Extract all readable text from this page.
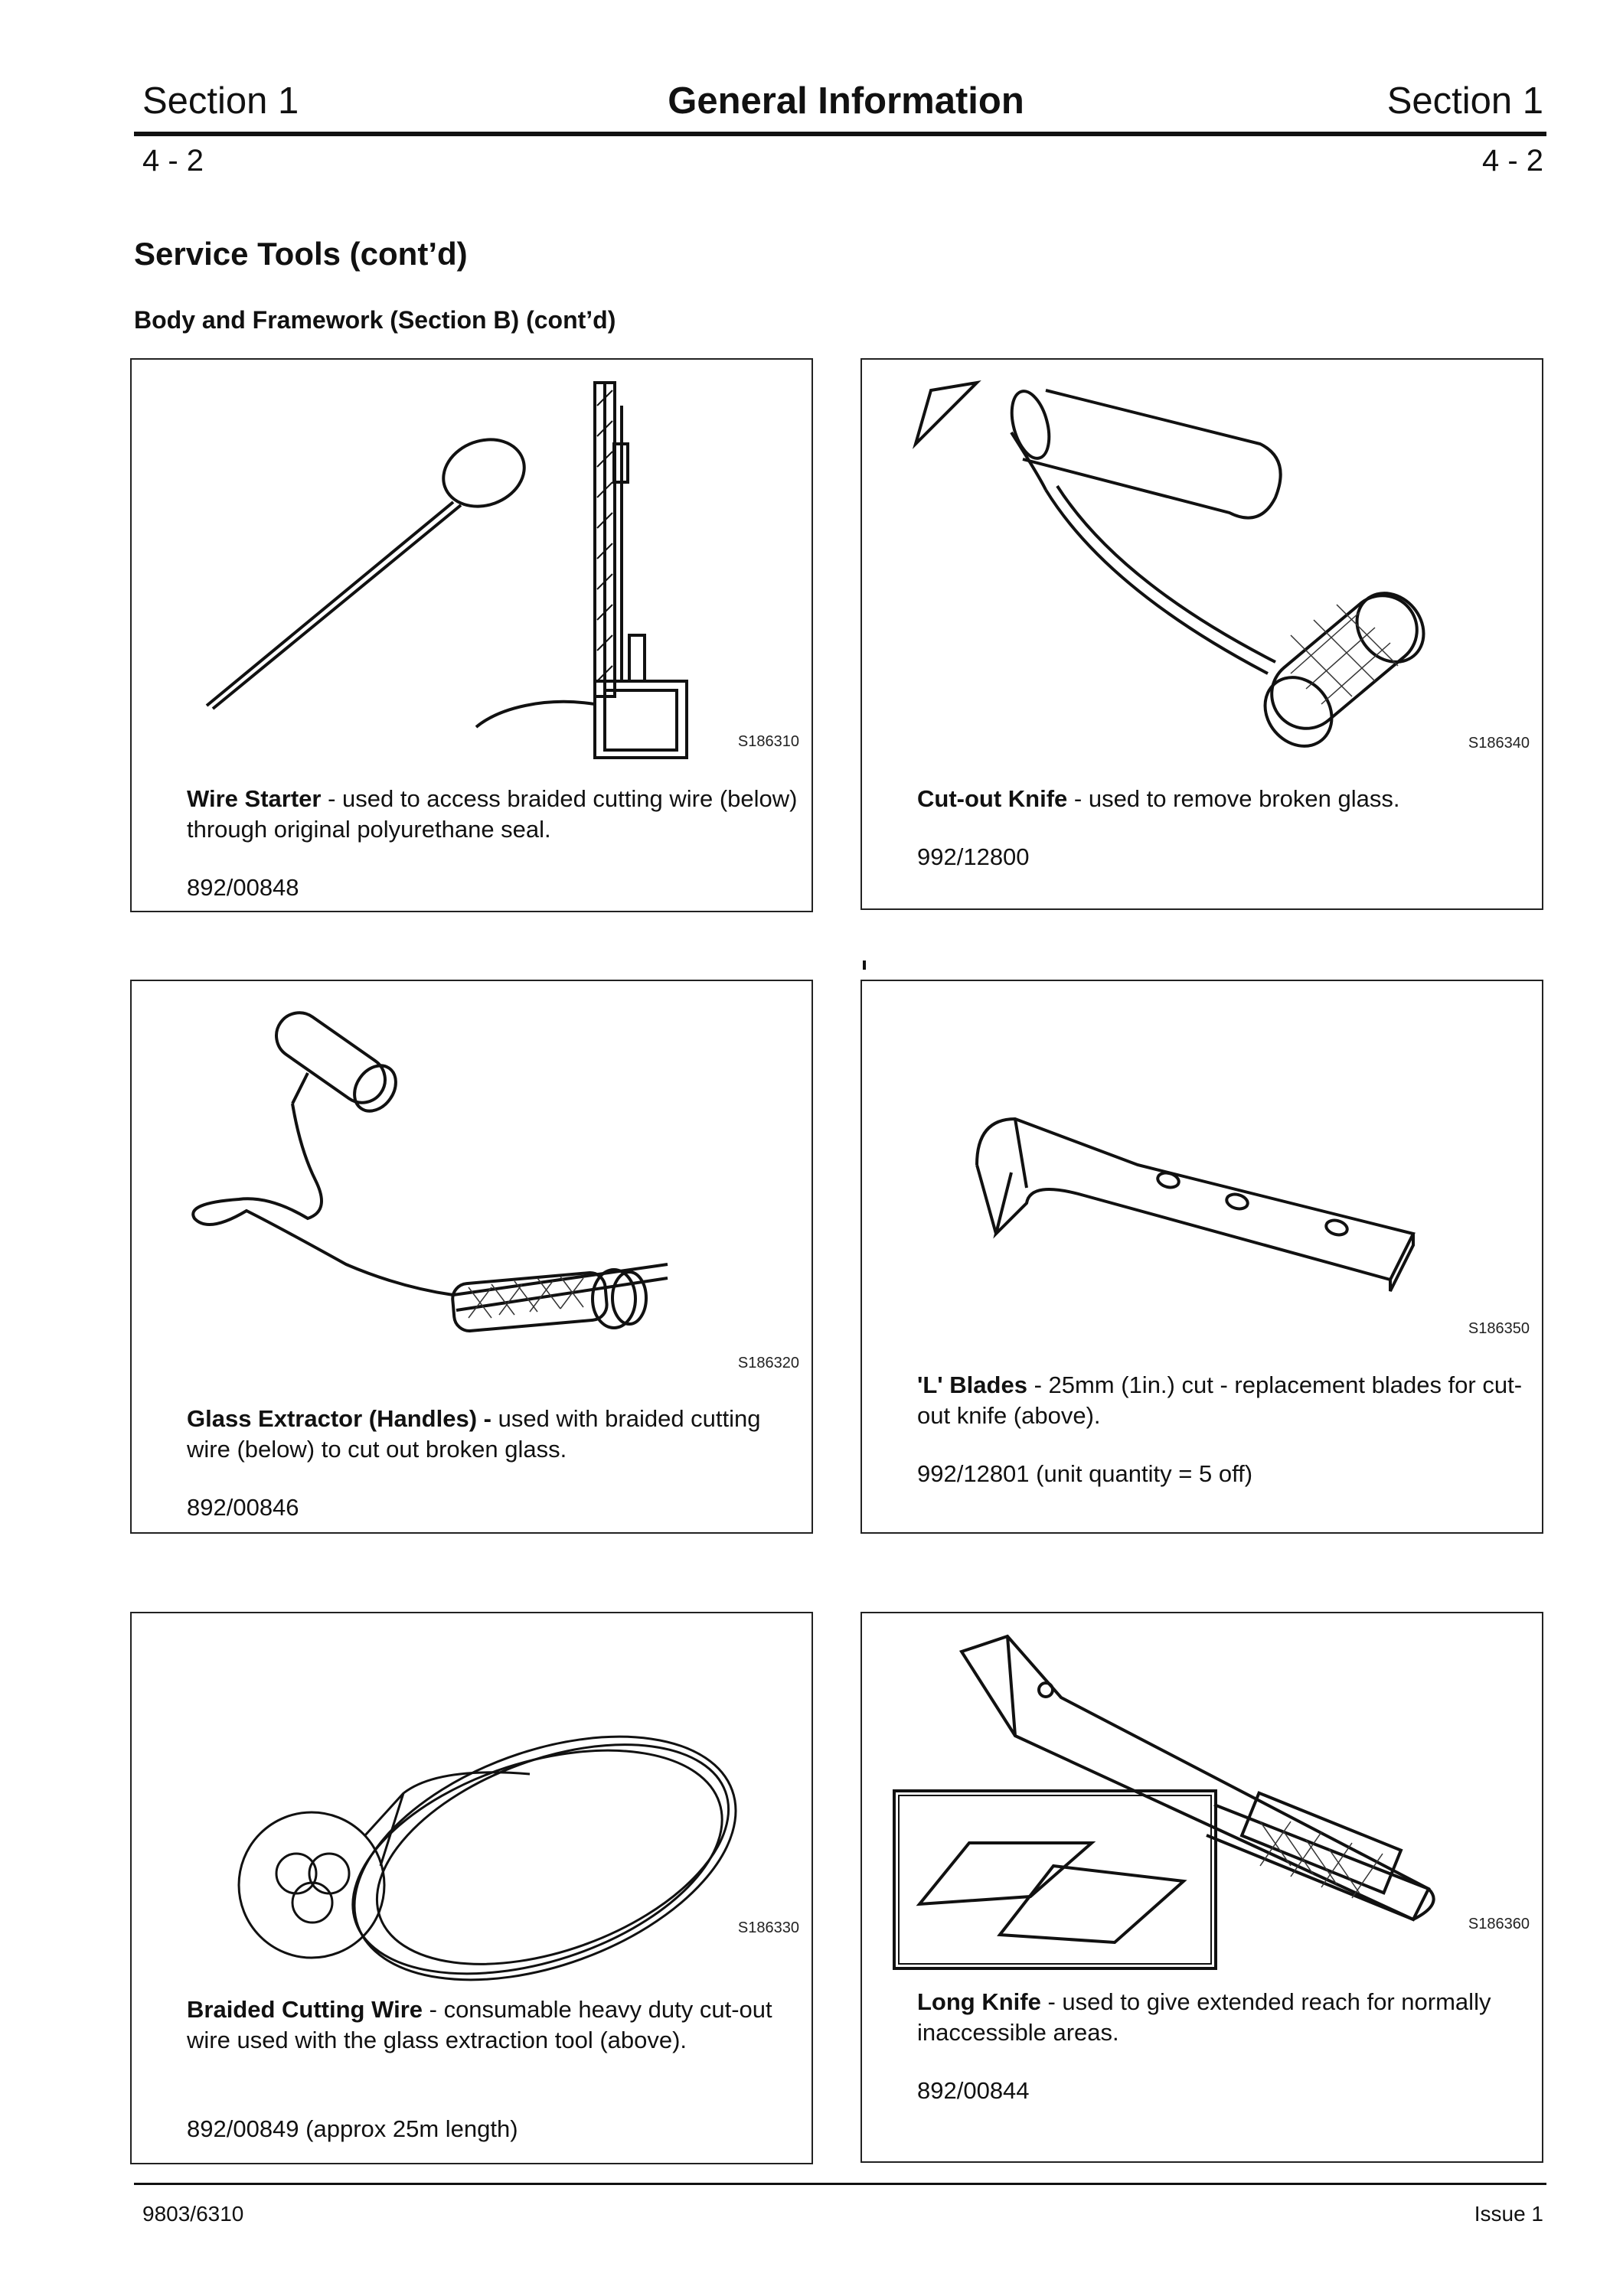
Section 1	General Information	Section 1
4 - 2	4 - 2
Service Tools (cont’d)
Body and Framework (Section B) (cont’d)
S186310
Wire Starter - used to access braided cutting wire (below) through original polyurethane seal.
892/00848
S186340
Cut-out Knife - used to remove broken glass.
992/12800
S186320
Glass Extractor (Handles) - used with braided cutting wire (below) to cut out broken glass.
892/00846
S186350
'L' Blades - 25mm (1in.) cut - replacement blades for cut-out knife (above).
992/12801 (unit quantity = 5 off)
S186330
Braided Cutting Wire - consumable heavy duty cut-out wire used with the glass extraction tool (above).
892/00849 (approx 25m length)
S186360
Long Knife - used to give extended reach for normally inaccessible areas.
892/00844
9803/6310	Issue 1
